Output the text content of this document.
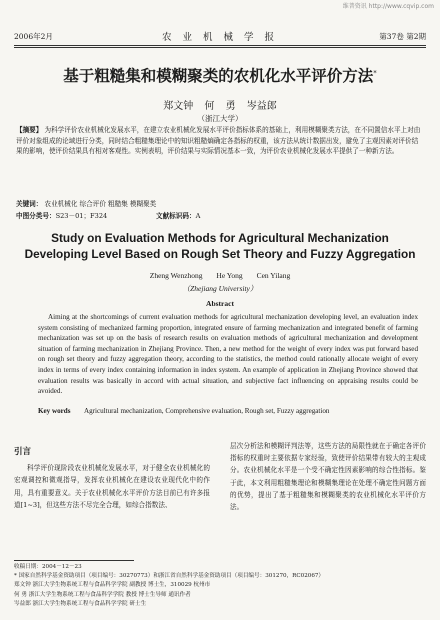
维普资讯 http://www.cqvip.com
2006年2月	农 业 机 械 学 报	第37卷 第2期
基于粗糙集和模糊聚类的农机化水平评价方法*
郑文钟 何 勇 岑益郎
（浙江大学）
【摘要】 为科学评价农业机械化发展水平，在建立农业机械化发展水平评价指标体系的基础上，利用模糊聚类方法，在不同置信水平上对由评价对象组成的论域进行分类，同时结合粗糙集理论中的知识粗糙熵确定各指标的权重，该方法从统计数据出发，避免了主观因素对评价结果的影响，使评价结果具有相对客观性。实例表明，评价结果与实际情况基本一致，为评价农业机械化发展水平提供了一种新方法。
关键词： 农业机械化 综合评价 粗糙集 模糊聚类
中图分类号：S23－01；F324	文献标识码：A
Study on Evaluation Methods for Agricultural Mechanization Developing Level Based on Rough Set Theory and Fuzzy Aggregation
Zheng Wenzhong He Yong Cen Yilang
（Zhejiang University）
Abstract
Aiming at the shortcomings of current evaluation methods for agricultural mechanization developing level, an evaluation index system consisting of mechanized farming proportion, integrated ensure of farming mechanization and integrated benefit of farming mechanization was set up on the basis of research results on evaluation methods of agricultural mechanization and development situation of farming mechanization in Zhejiang Province. Then, a new method for the weight of every index was put forward based on rough set theory and fuzzy aggregation theory, according to the statistics, the method could rationally allocate weight of every index in terms of every index containing information in index system. An example of application in Zhejiang Province showed that evaluation results was basically in accord with actual situation, and subjective fact influencing on appraising results could be avoided.
Key words Agricultural mechanization, Comprehensive evaluation, Rough set, Fuzzy aggregation
引言

科学评价现阶段农业机械化发展水平，对于健全农业机械化的宏观调控和微观指导，发挥农业机械化在建设农业现代化中的作用，具有重要意义。关于农业机械化水平评价方法目前已有许多报道[1~3]，但这些方法不尽完全合理，如综合指数法、

层次分析法和模糊评判法等，这些方法的局限性就在于确定各评价指标的权重时主要依据专家经验，致使评价结果带有较大的主观成分。农业机械化水平是一个受不确定性因素影响的综合性指标。鉴于此，本文利用粗糙集理论和模糊集理论在处理不确定性问题方面的优势，提出了基于粗糙集和模糊聚类的农业机械化水平评价方法。

收稿日期：2004－12－23
* 国家自然科学基金资助项目（项目编号：30270773）和浙江省自然科学基金资助项目（项目编号：301270，RC02067）
郑文钟 浙江大学生物系统工程与食品科学学院 副教授 博士生，310029 杭州市
何 勇 浙江大学生物系统工程与食品科学学院 教授 博士生导师 通讯作者
岑益郎 浙江大学生物系统工程与食品科学学院 研士生
